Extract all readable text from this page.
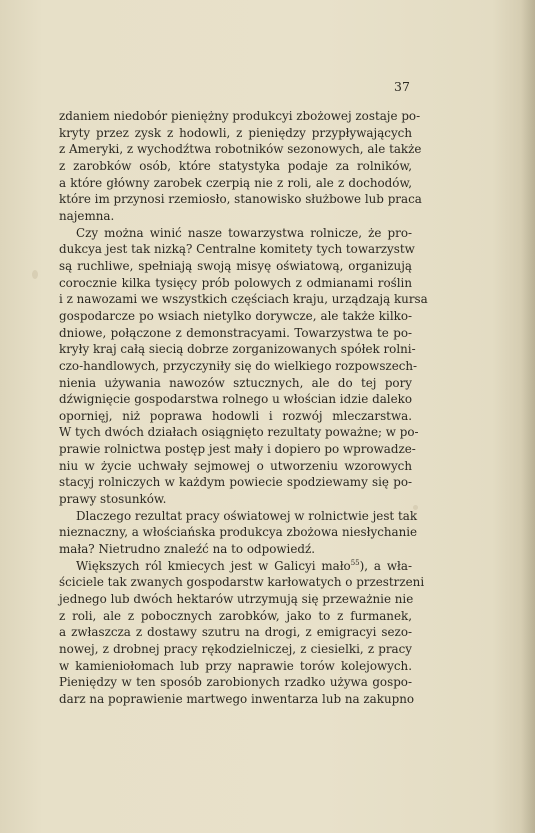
37

zdaniem niedobór pieniężny produkcyi zbożowej zostaje po-
kryty przez zysk z hodowli, z pieniędzy przypływających
z Ameryki, z wychodźtwa robotników sezonowych, ale także
z zarobków osób, które statystyka podaje za rolników,
a które główny zarobek czerpią nie z roli, ale z dochodów,
które im przynosi rzemiosło, stanowisko służbowe lub praca
najemna.

Czy można winić nasze towarzystwa rolnicze, że pro-
dukcya jest tak nizką? Centralne komitety tych towarzystw
są ruchliwe, spełniają swoją misyę oświatową, organizują
corocznie kilka tysięcy prób polowych z odmianami roślin
i z nawozami we wszystkich częściach kraju, urządzają kursa
gospodarcze po wsiach nietylko dorywcze, ale także kilko-
dniowe, połączone z demonstracyami. Towarzystwa te po-
kryły kraj całą siecią dobrze zorganizowanych spółek rolni-
czo-handlowych, przyczyniły się do wielkiego rozpowszech-
nienia używania nawozów sztucznych, ale do tej pory
dźwignięcie gospodarstwa rolnego u włościan idzie daleko
opornięj, niż poprawa hodowli i rozwój mleczarstwa.
W tych dwóch działach osiągnięto rezultaty poważne; w po-
prawie rolnictwa postęp jest mały i dopiero po wprowadze-
niu w życie uchwały sejmowej o utworzeniu wzorowych
stacyj rolniczych w każdym powiecie spodziewamy się po-
prawy stosunków.

Dlaczego rezultat pracy oświatowej w rolnictwie jest tak
nieznaczny, a włościańska produkcya zbożowa niesłychanie
mała? Nietrudno znaleźć na to odpowiedź.

Większych ról kmiecych jest w Galicyi mało$^{55}$), a wła-
ściciele tak zwanych gospodarstw karłowatych o przestrzeni
jednego lub dwóch hektarów utrzymują się przeważnie nie
z roli, ale z pobocznych zarobków, jako to z furmanek,
a zwłaszcza z dostawy szutru na drogi, z emigracyi sezo-
nowej, z drobnej pracy rękodzielniczej, z ciesielki, z pracy
w kamieniołomach lub przy naprawie torów kolejowych.
Pieniędzy w ten sposób zarobionych rzadko używa gospo-
darz na poprawienie martwego inwentarza lub na zakupno
